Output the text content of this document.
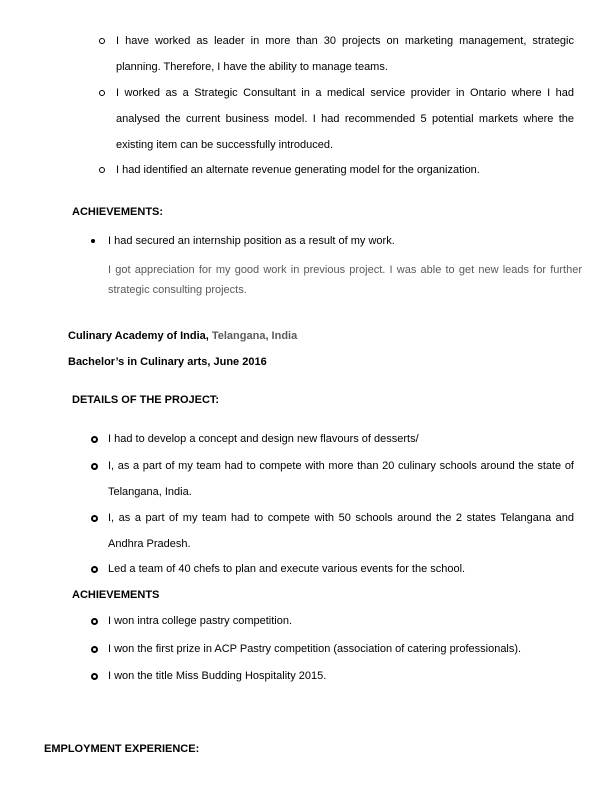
I have worked as leader in more than 30 projects on marketing management, strategic planning. Therefore, I have the ability to manage teams.

I worked as a Strategic Consultant in a medical service provider in Ontario where I had analysed the current business model. I had recommended 5 potential markets where the existing item can be successfully introduced.

I had identified an alternate revenue generating model for the organization.

ACHIEVEMENTS:

I had secured an internship position as a result of my work.

I got appreciation for my good work in previous project. I was able to get new leads for further strategic consulting projects.

Culinary Academy of India, Telangana, India
Bachelor’s in Culinary arts, June 2016
DETAILS OF THE PROJECT:

I had to develop a concept and design new flavours of desserts/

I, as a part of my team had to compete with more than 20 culinary schools around the state of Telangana, India.

I, as a part of my team had to compete with 50 schools around the 2 states Telangana and Andhra Pradesh.

Led a team of 40 chefs to plan and execute various events for the school.

ACHIEVEMENTS

I won intra college pastry competition.

I won the first prize in ACP Pastry competition (association of catering professionals).

I won the title Miss Budding Hospitality 2015.

EMPLOYMENT EXPERIENCE:
